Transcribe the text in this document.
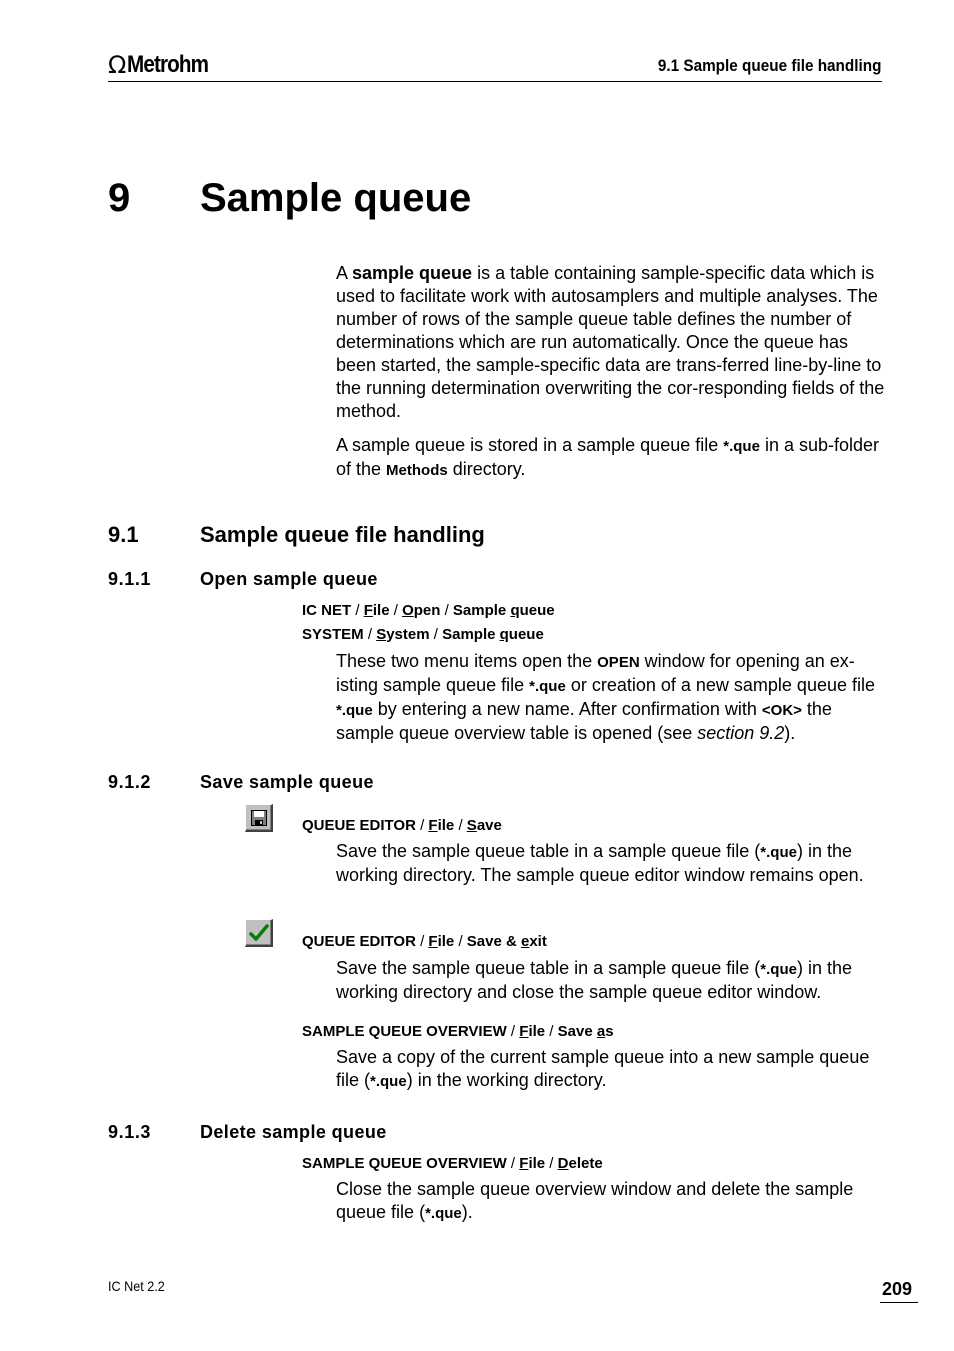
Ω Metrohm	9.1 Sample queue file handling
9 Sample queue
A sample queue is a table containing sample-specific data which is used to facilitate work with autosamplers and multiple analyses. The number of rows of the sample queue table defines the number of determinations which are run automatically. Once the queue has been started, the sample-specific data are trans-ferred line-by-line to the running determination overwriting the cor-responding fields of the method.
A sample queue is stored in a sample queue file *.que in a sub-folder of the Methods directory.
9.1	Sample queue file handling
9.1.1	Open sample queue
IC NET / File / Open / Sample queue
SYSTEM / System / Sample queue
These two menu items open the OPEN window for opening an ex-isting sample queue file *.que or creation of a new sample queue file *.que by entering a new name. After confirmation with <OK> the sample queue overview table is opened (see section 9.2).
9.1.2	Save sample queue
QUEUE EDITOR / File / Save
Save the sample queue table in a sample queue file (*.que) in the working directory. The sample queue editor window remains open.
QUEUE EDITOR / File / Save & exit
Save the sample queue table in a sample queue file (*.que) in the working directory and close the sample queue editor window.
SAMPLE QUEUE OVERVIEW / File / Save as
Save a copy of the current sample queue into a new sample queue file (*.que) in the working directory.
9.1.3	Delete sample queue
SAMPLE QUEUE OVERVIEW / File / Delete
Close the sample queue overview window and delete the sample queue file (*.que).
IC Net 2.2	209
